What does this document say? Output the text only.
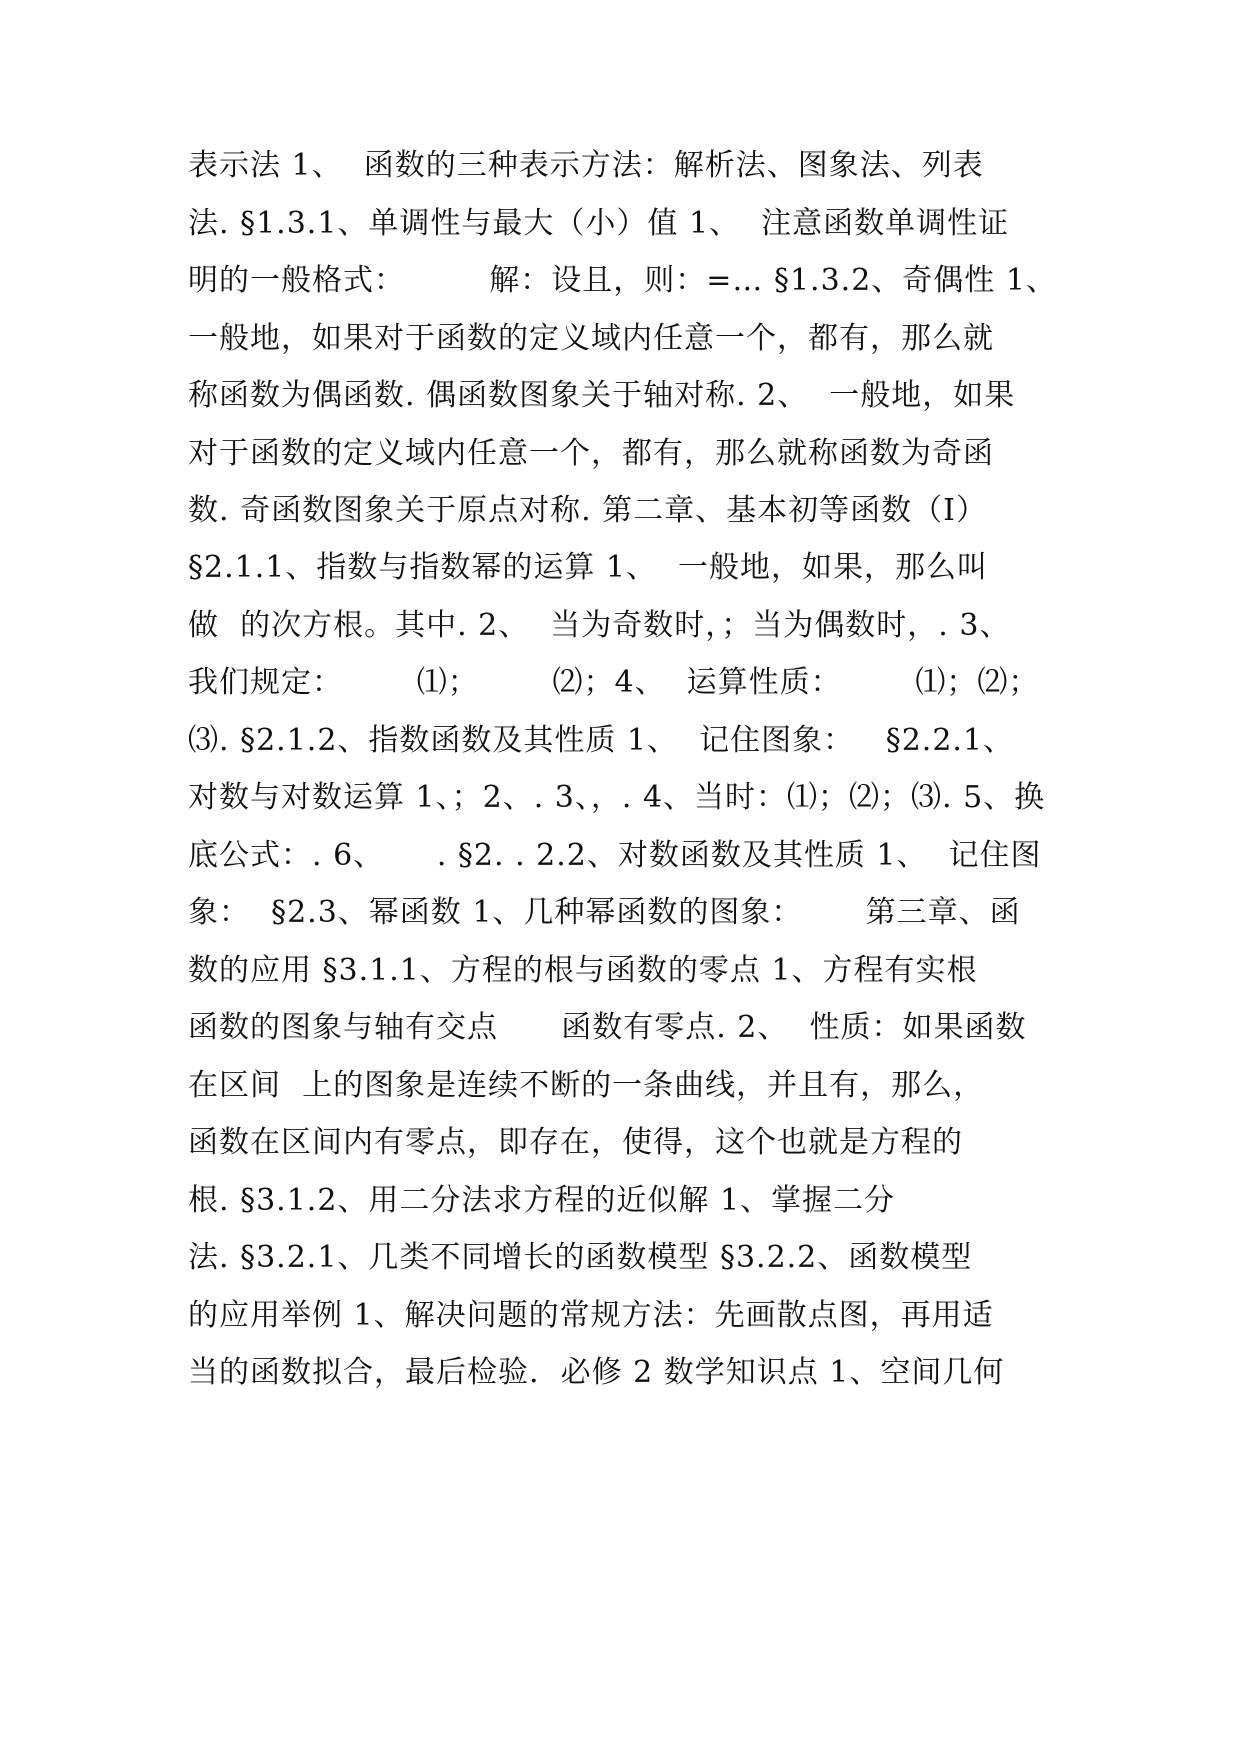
表示法 1、  函数的三种表示方法：解析法、图象法、列表
法. §1.3.1、单调性与最大（小）值 1、  注意函数单调性证
明的一般格式：        解：设且，则：=… §1.3.2、奇偶性 1、
一般地，如果对于函数的定义域内任意一个，都有，那么就
称函数为偶函数. 偶函数图象关于轴对称. 2、  一般地，如果
对于函数的定义域内任意一个，都有，那么就称函数为奇函
数. 奇函数图象关于原点对称. 第二章、基本初等函数（Ⅰ）
§2.1.1、指数与指数幂的运算 1、  一般地，如果，那么叫
做  的次方根。其中. 2、  当为奇数时，；当为偶数时，. 3、
我们规定：       ⑴；       ⑵；4、  运算性质：       ⑴；⑵；
⑶. §2.1.2、指数函数及其性质 1、  记住图象：   §2.2.1、
对数与对数运算 1、；2、. 3、，. 4、当时：⑴；⑵；⑶. 5、换
底公式：. 6、     . §2. . 2.2、对数函数及其性质 1、  记住图
象：  §2.3、幂函数 1、几种幂函数的图象：      第三章、函
数的应用 §3.1.1、方程的根与函数的零点 1、方程有实根
函数的图象与轴有交点      函数有零点. 2、  性质：如果函数
在区间  上的图象是连续不断的一条曲线，并且有，那么，
函数在区间内有零点，即存在，使得，这个也就是方程的
根. §3.1.2、用二分法求方程的近似解 1、掌握二分
法. §3.2.1、几类不同增长的函数模型 §3.2.2、函数模型
的应用举例 1、解决问题的常规方法：先画散点图，再用适
当的函数拟合，最后检验.  必修 2 数学知识点 1、空间几何
